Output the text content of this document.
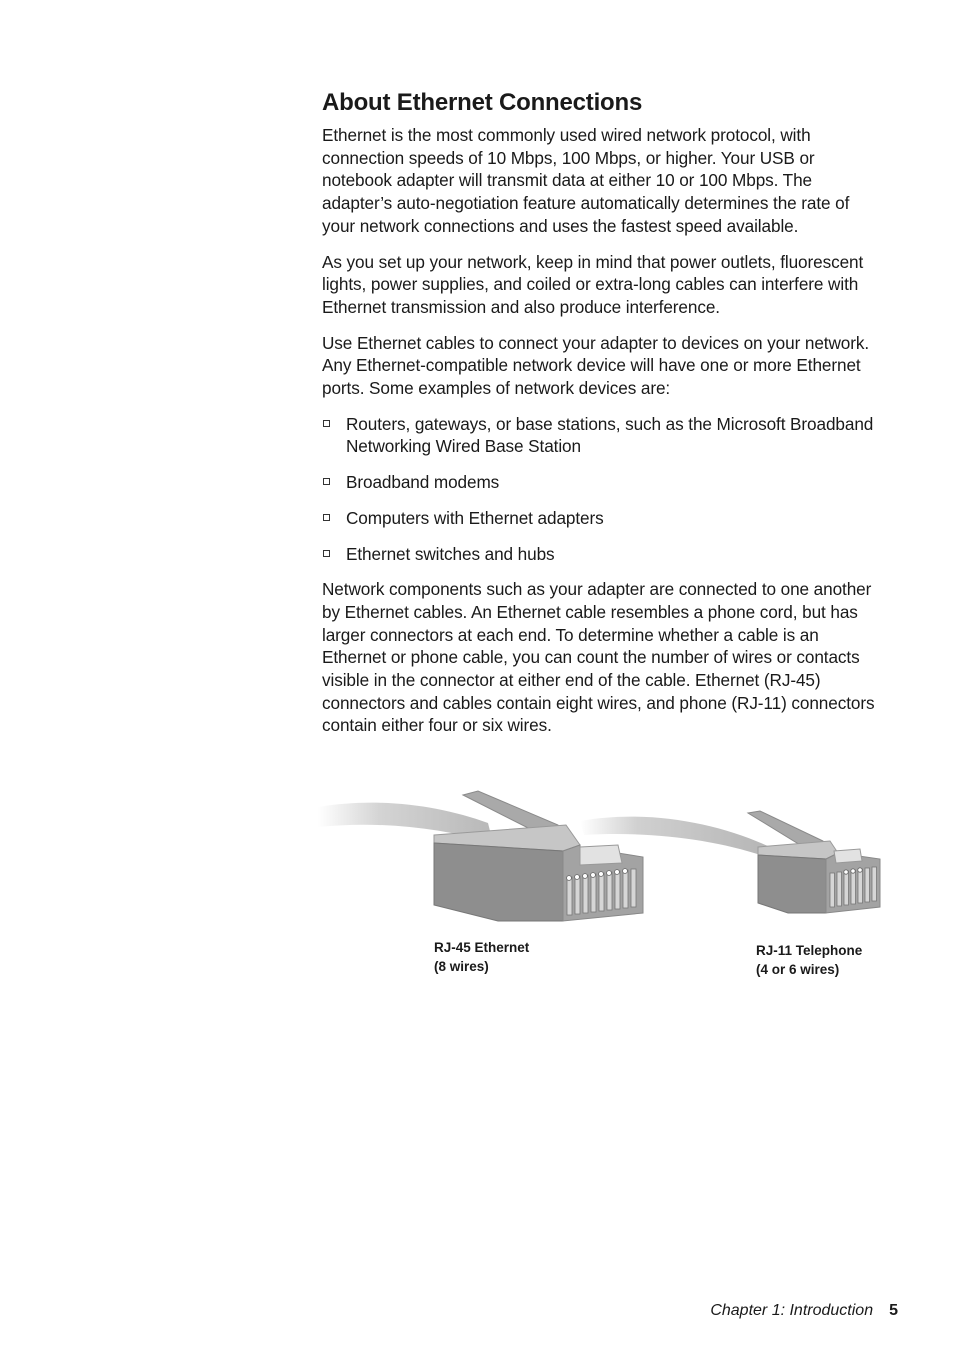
About Ethernet Connections

Ethernet is the most commonly used wired network protocol, with connection speeds of 10 Mbps, 100 Mbps, or higher. Your USB or notebook adapter will transmit data at either 10 or 100 Mbps. The adapter’s auto-negotiation feature automatically determines the rate of your network connections and uses the fastest speed available.

As you set up your network, keep in mind that power outlets, fluorescent lights, power supplies, and coiled or extra-long cables can interfere with Ethernet transmission and also produce interference.

Use Ethernet cables to connect your adapter to devices on your network. Any Ethernet-compatible network device will have one or more Ethernet ports. Some examples of network devices are:

Routers, gateways, or base stations, such as the Microsoft Broadband Networking Wired Base Station
Broadband modems
Computers with Ethernet adapters
Ethernet switches and hubs

Network components such as your adapter are connected to one another by Ethernet cables. An Ethernet cable resembles a phone cord, but has larger connectors at each end. To determine whether a cable is an Ethernet or phone cable, you can count the number of wires or contacts visible in the connector at either end of the cable. Ethernet (RJ-45) connectors and cables contain eight wires, and phone (RJ-11) connectors contain either four or six wires.

RJ-45 Ethernet
(8 wires)
RJ-11 Telephone
(4 or 6 wires)
Chapter 1: Introduction 5
